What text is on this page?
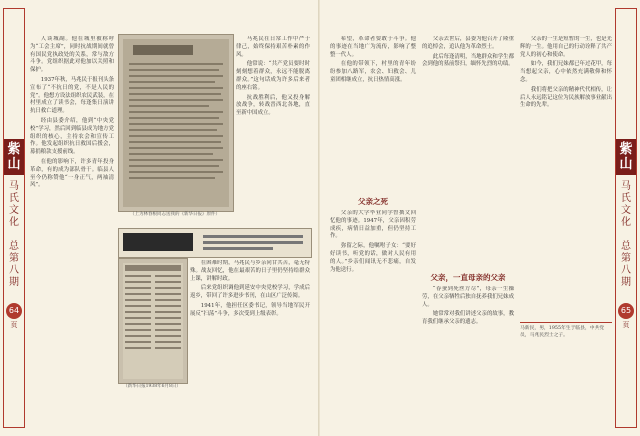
紫
山
马
氏
文
化
总
第
八
期
64
页

人谈城副。他在城里被称呼为“工会主席”，同时抗战期间就曾有国民党执政处的关系，常与敌方斗争。党组织据此对他加以关照和保护。

1937年秋，马兆民于报刊头条宣布了“不抗日的党，不是人民的党”。他想方设法组织农民武装，在村里成立了读书会，每逢集日演讲抗日救亡道理。

经由县委介绍，他到“中央党校”学习，然后回到临县成为地方党组织的核心，主持农会和宣传工作。他发起组织抗日救国后援会，募捐粮款支援前线。

在他的影响下，许多青年投身革命，有的成为部队骨干。临县人至今仍称赞他“一身正气，两袖清风”。

（上为林春根同志送我的《新华日报》原件）

马兆民在日常工作中严于律己，始终保持艰苦朴素的作风。

他常说：“共产党员要时时刻刻想着群众，永远不能脱离群众。”这句话成为许多后来者的座右铭。

抗战胜利后，他又投身解放战争，转战晋西北各地，直至新中国成立。

（新华日报1938年6月8日）

在困难时期，马兆民与乡亲同甘共苦，毫无特殊。战友回忆，他在最艰苦的日子里仍坚持给群众上课，讲解时政。

后来党组织调他到延安中央党校学习，学成后返乡，带回了许多进步书刊，在山区广泛传阅。

1941年，他担任区委书记，领导当地军民开展反“扫荡”斗争，多次受到上级表彰。

希望，革命者要敢于斗争。他的事迹在当地广为流传，影响了整整一代人。

在他的带领下，村里的青年纷纷参加八路军，农会、妇救会、儿童团相继成立，抗日热情高涨。

父亲之死

父亲的大学毕业同学曾撰文回忆他的事迹。1947年，父亲因积劳成疾，病情日益加重，但仍坚持工作。

弥留之际，他嘱咐子女：“要好好读书，听党的话，做对人民有用的人。”乡亲们闻讯无不悲痛，自发为他送行。

父亲去世后，县委为他召开了隆重的追悼会，追认他为革命烈士。

此后每逢清明，当地群众和学生都会到他的墓前祭扫，缅怀先烈的功绩。

父亲，一直母亲的父亲

“春蚕到死丝方尽”，母亲一生操劳，在父亲牺牲后独自抚养我们兄妹成人。

她常常对我们讲述父亲的故事，教育我们继承父亲的遗志。

父亲的一生是短暂的一生，也是光辉的一生。他用自己的行动诠释了共产党人的初心和使命。

如今，我们兄妹都已年过花甲，每当想起父亲，心中依然充满敬仰和怀念。

我们将把父亲的精神代代相传，让后人永远铭记这位为民族解放事业献出生命的先辈。

马新民，男，1955年生于临县，中共党员，马兆民烈士之子。
紫
山
马
氏
文
化
总
第
八
期
65
页
